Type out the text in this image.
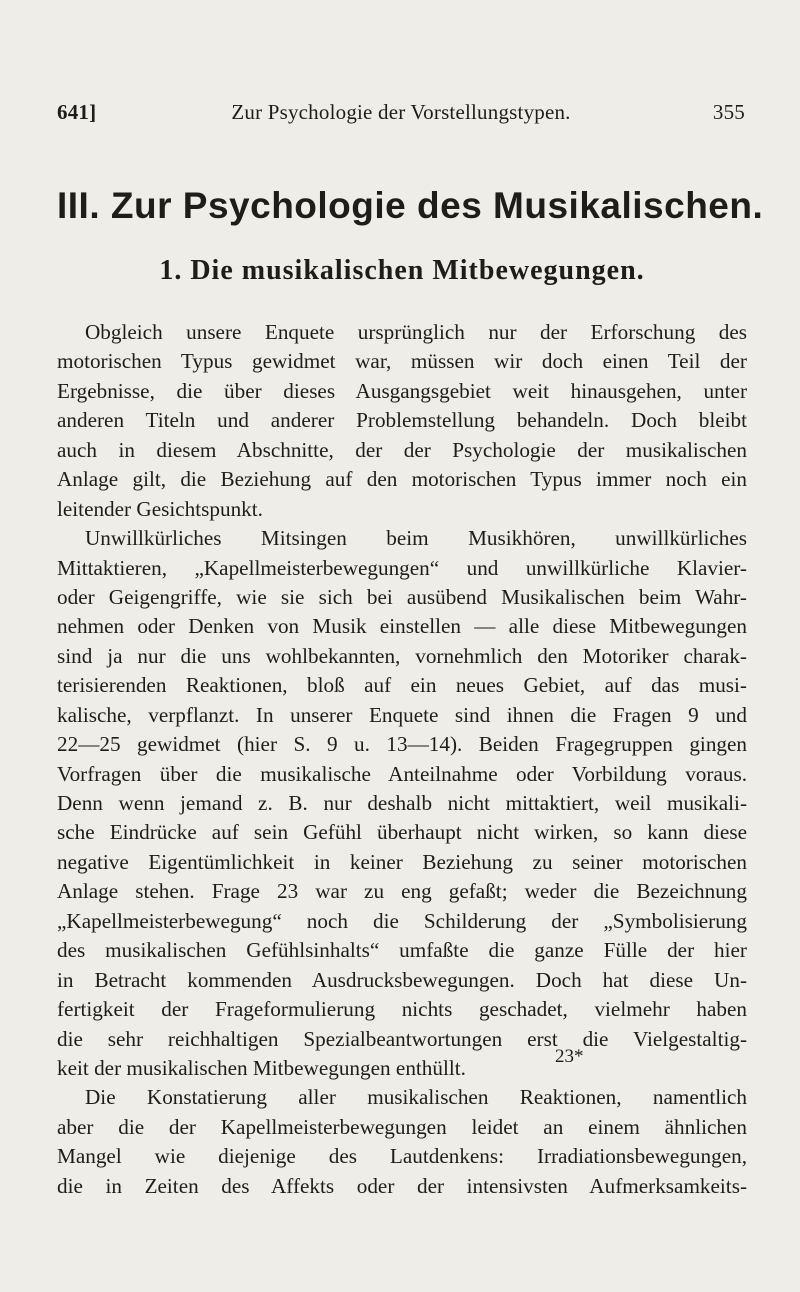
641]	Zur Psychologie der Vorstellungstypen.	355
III. Zur Psychologie des Musikalischen.
1. Die musikalischen Mitbewegungen.
Obgleich unsere Enquete ursprünglich nur der Erforschung des
motorischen Typus gewidmet war, müssen wir doch einen Teil der
Ergebnisse, die über dieses Ausgangsgebiet weit hinausgehen, unter
anderen Titeln und anderer Problemstellung behandeln. Doch bleibt
auch in diesem Abschnitte, der der Psychologie der musikalischen
Anlage gilt, die Beziehung auf den motorischen Typus immer noch ein
leitender Gesichtspunkt.
Unwillkürliches Mitsingen beim Musikhören, unwillkürliches
Mittaktieren, „Kapellmeisterbewegungen“ und unwillkürliche Klavier-
oder Geigengriffe, wie sie sich bei ausübend Musikalischen beim Wahr-
nehmen oder Denken von Musik einstellen — alle diese Mitbewegungen
sind ja nur die uns wohlbekannten, vornehmlich den Motoriker charak-
terisierenden Reaktionen, bloß auf ein neues Gebiet, auf das musi-
kalische, verpflanzt. In unserer Enquete sind ihnen die Fragen 9 und
22—25 gewidmet (hier S. 9 u. 13—14). Beiden Fragegruppen gingen
Vorfragen über die musikalische Anteilnahme oder Vorbildung voraus.
Denn wenn jemand z. B. nur deshalb nicht mittaktiert, weil musikali-
sche Eindrücke auf sein Gefühl überhaupt nicht wirken, so kann diese
negative Eigentümlichkeit in keiner Beziehung zu seiner motorischen
Anlage stehen. Frage 23 war zu eng gefaßt; weder die Bezeichnung
„Kapellmeisterbewegung“ noch die Schilderung der „Symbolisierung
des musikalischen Gefühlsinhalts“ umfaßte die ganze Fülle der hier
in Betracht kommenden Ausdrucksbewegungen. Doch hat diese Un-
fertigkeit der Frageformulierung nichts geschadet, vielmehr haben
die sehr reichhaltigen Spezialbeantwortungen erst die Vielgestaltig-
keit der musikalischen Mitbewegungen enthüllt.
Die Konstatierung aller musikalischen Reaktionen, namentlich
aber die der Kapellmeisterbewegungen leidet an einem ähnlichen
Mangel wie diejenige des Lautdenkens: Irradiationsbewegungen,
die in Zeiten des Affekts oder der intensivsten Aufmerksamkeits-
23*
